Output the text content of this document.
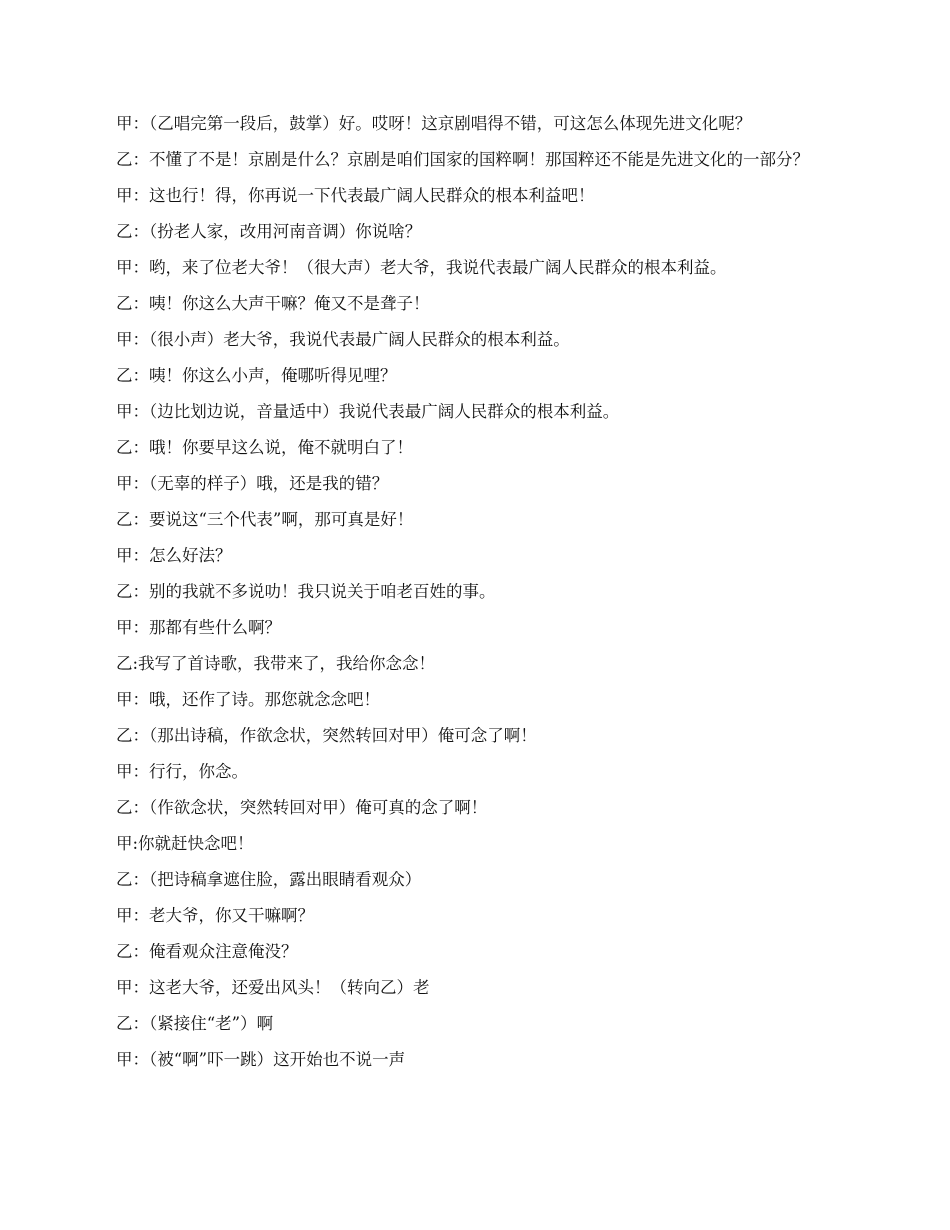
甲：（乙唱完第一段后，鼓掌）好。哎呀！这京剧唱得不错，可这怎么体现先进文化呢？

乙：不懂了不是！京剧是什么？京剧是咱们国家的国粹啊！那国粹还不能是先进文化的一部分？

甲：这也行！得，你再说一下代表最广阔人民群众的根本利益吧！

乙：（扮老人家，改用河南音调）你说啥？

甲：哟，来了位老大爷！（很大声）老大爷，我说代表最广阔人民群众的根本利益。

乙：咦！你这么大声干嘛？俺又不是聋子！

甲：（很小声）老大爷，我说代表最广阔人民群众的根本利益。

乙：咦！你这么小声，俺哪听得见哩？

甲：（边比划边说，音量适中）我说代表最广阔人民群众的根本利益。

乙：哦！你要早这么说，俺不就明白了！

甲：（无辜的样子）哦，还是我的错？

乙：要说这“三个代表”啊，那可真是好！

甲：怎么好法？

乙：别的我就不多说叻！我只说关于咱老百姓的事。

甲：那都有些什么啊？

乙:我写了首诗歌，我带来了，我给你念念！

甲：哦，还作了诗。那您就念念吧！

乙：（那出诗稿，作欲念状，突然转回对甲）俺可念了啊！

甲：行行，你念。

乙：（作欲念状，突然转回对甲）俺可真的念了啊！

甲:你就赶快念吧！

乙：（把诗稿拿遮住脸，露出眼睛看观众）

甲：老大爷，你又干嘛啊？

乙：俺看观众注意俺没？

甲：这老大爷，还爱出风头！（转向乙）老

乙：（紧接住“老”）啊

甲：（被“啊”吓一跳）这开始也不说一声
